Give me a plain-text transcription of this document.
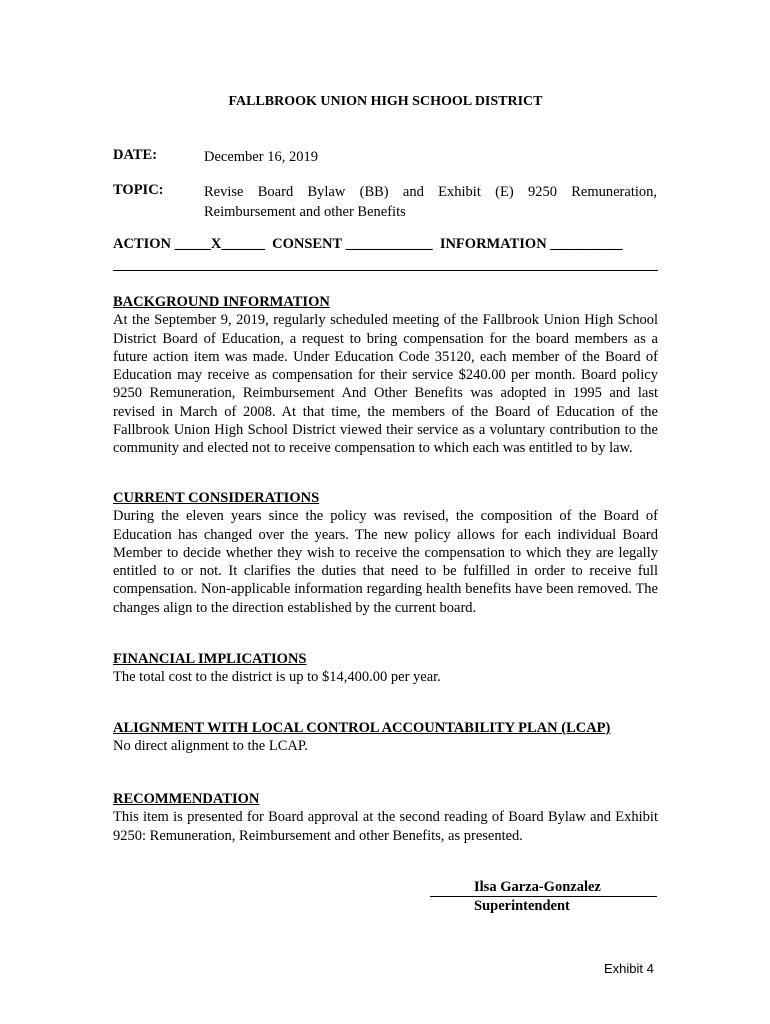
FALLBROOK UNION HIGH SCHOOL DISTRICT
DATE:	December 16, 2019
TOPIC:	Revise Board Bylaw (BB) and Exhibit (E) 9250 Remuneration, Reimbursement and other Benefits
ACTION _____X______  CONSENT ____________  INFORMATION __________
BACKGROUND INFORMATION
At the September 9, 2019, regularly scheduled meeting of the Fallbrook Union High School District Board of Education, a request to bring compensation for the board members as a future action item was made. Under Education Code 35120, each member of the Board of Education may receive as compensation for their service $240.00 per month. Board policy 9250 Remuneration, Reimbursement And Other Benefits was adopted in 1995 and last revised in March of 2008. At that time, the members of the Board of Education of the Fallbrook Union High School District viewed their service as a voluntary contribution to the community and elected not to receive compensation to which each was entitled to by law.
CURRENT CONSIDERATIONS
During the eleven years since the policy was revised, the composition of the Board of Education has changed over the years. The new policy allows for each individual Board Member to decide whether they wish to receive the compensation to which they are legally entitled to or not. It clarifies the duties that need to be fulfilled in order to receive full compensation. Non-applicable information regarding health benefits have been removed. The changes align to the direction established by the current board.
FINANCIAL IMPLICATIONS
The total cost to the district is up to $14,400.00 per year.
ALIGNMENT WITH LOCAL CONTROL ACCOUNTABILITY PLAN (LCAP)
No direct alignment to the LCAP.
RECOMMENDATION
This item is presented for Board approval at the second reading of Board Bylaw and Exhibit 9250: Remuneration, Reimbursement and other Benefits, as presented.
Ilsa Garza-Gonzalez
Superintendent
Exhibit 4
